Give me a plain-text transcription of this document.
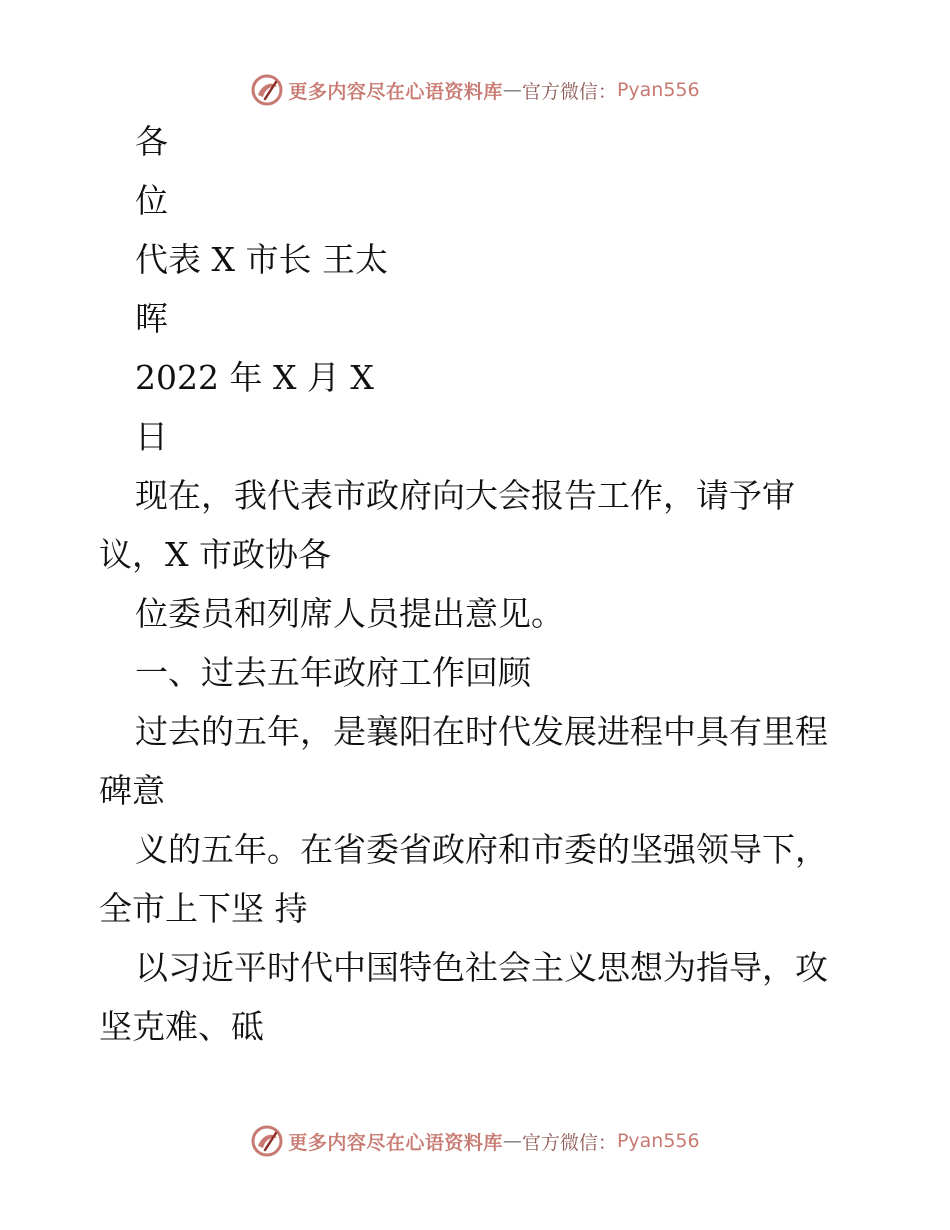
更多内容尽在心语资料库 — 官方微信： Pyan556
各
位
代表 X 市长 王太
晖
2022 年 X 月 X
日
现在，我代表市政府向大会报告工作，请予审
议，X 市政协各
位委员和列席人员提出意见。
一、过去五年政府工作回顾
过去的五年，是襄阳在时代发展进程中具有里程
碑意
义的五年。在省委省政府和市委的坚强领导下，
全市上下坚 持
以习近平时代中国特色社会主义思想为指导，攻
坚克难、砥
更多内容尽在心语资料库 — 官方微信： Pyan556
